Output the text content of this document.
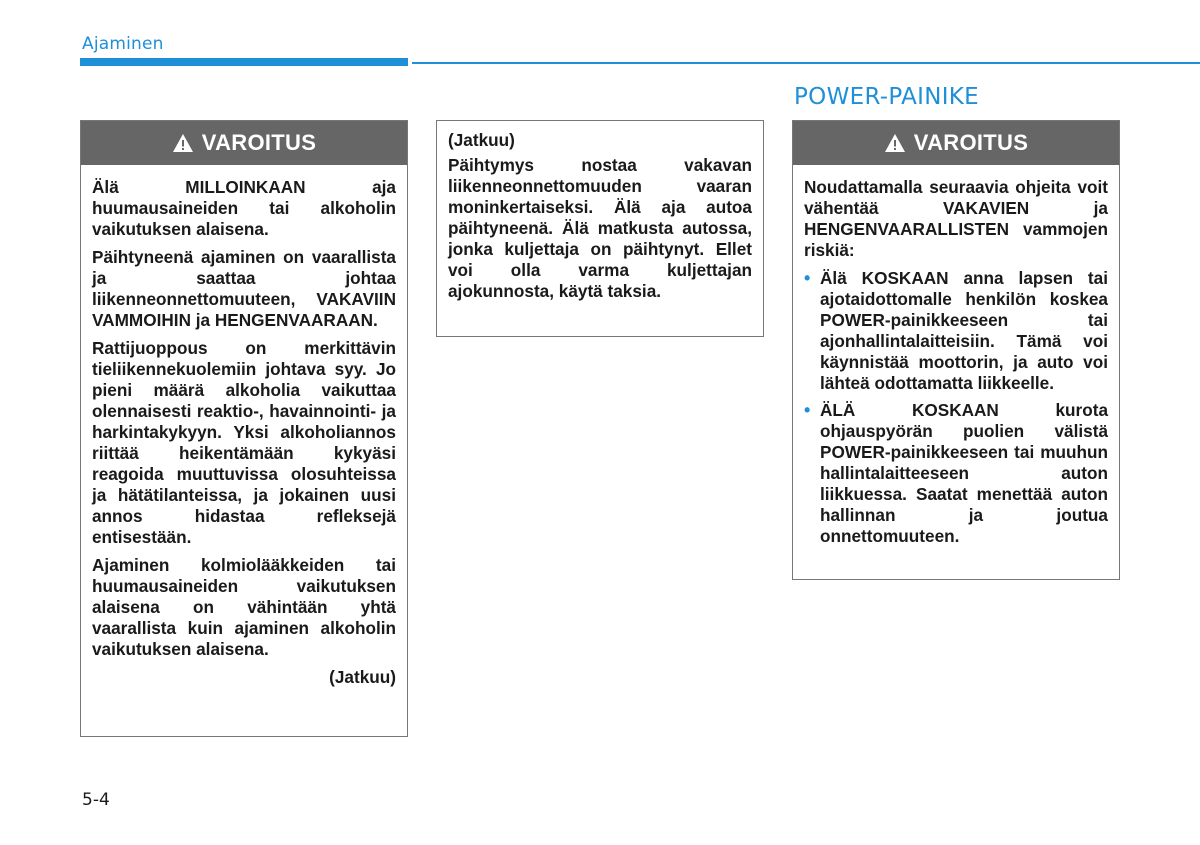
Ajaminen
POWER-PAINIKE
VAROITUS

Älä MILLOINKAAN aja huumausaineiden tai alkoholin vaikutuksen alaisena.

Päihtyneenä ajaminen on vaarallista ja saattaa johtaa liikenneonnettomuuteen, VAKAVIIN VAMMOIHIN ja HENGENVAARAAN.

Rattijuoppous on merkittävin tieliikennekuolemiin johtava syy. Jo pieni määrä alkoholia vaikuttaa olennaisesti reaktio-, havainnointi- ja harkintakykyyn. Yksi alkoholiannos riittää heikentämään kykyäsi reagoida muuttuvissa olosuhteissa ja hätätilanteissa, ja jokainen uusi annos hidastaa refleksejä entisestään.

Ajaminen kolmiolääkkeiden tai huumausaineiden vaikutuksen alaisena on vähintään yhtä vaarallista kuin ajaminen alkoholin vaikutuksen alaisena.

(Jatkuu)

(Jatkuu)

Päihtymys nostaa vakavan liikenneonnettomuuden vaaran moninkertaiseksi. Älä aja autoa päihtyneenä. Älä matkusta autossa, jonka kuljettaja on päihtynyt. Ellet voi olla varma kuljettajan ajokunnosta, käytä taksia.

VAROITUS

Noudattamalla seuraavia ohjeita voit vähentää VAKAVIEN ja HENGENVAARALLISTEN vammojen riskiä:

• Älä KOSKAAN anna lapsen tai ajotaidottomalle henkilön koskea POWER-painikkeeseen tai ajonhallintalaitteisiin. Tämä voi käynnistää moottorin, ja auto voi lähteä odottamatta liikkeelle.
• ÄLÄ KOSKAAN kurota ohjauspyörän puolien välistä POWER-painikkeeseen tai muuhun hallintalaitteeseen auton liikkuessa. Saatat menettää auton hallinnan ja joutua onnettomuuteen.
5-4
